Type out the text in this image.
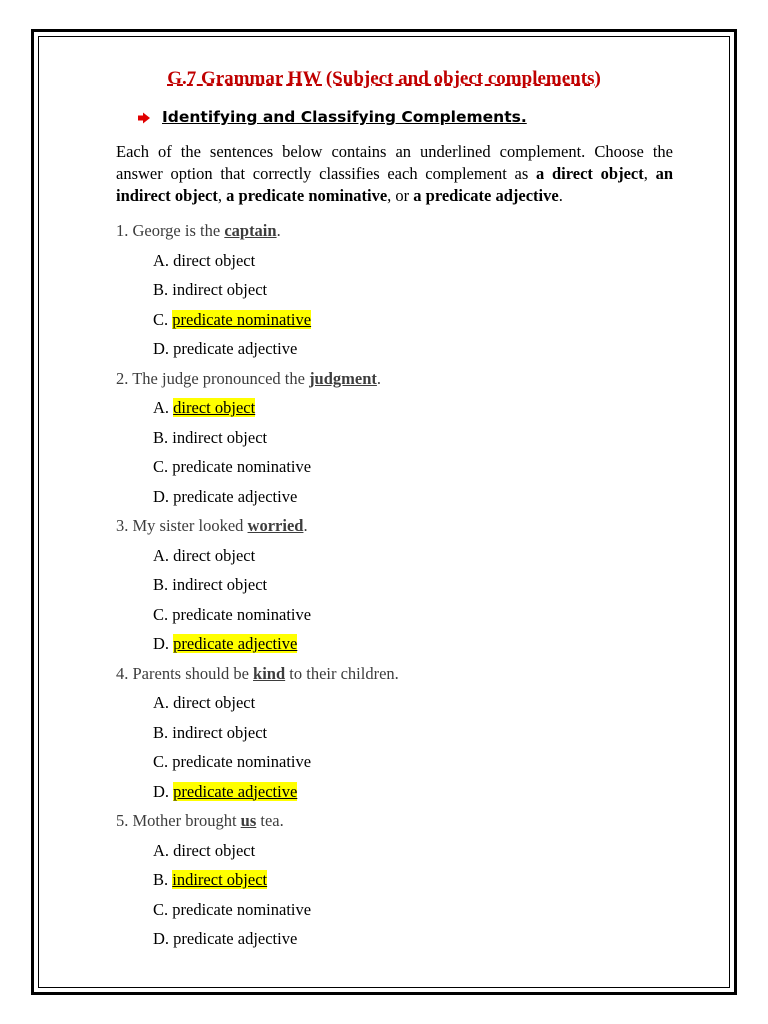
G.7 Grammar HW (Subject and object complements)
Identifying and Classifying Complements.
Each of the sentences below contains an underlined complement. Choose the answer option that correctly classifies each complement as a direct object, an indirect object, a predicate nominative, or a predicate adjective.
1. George is the captain.
A. direct object
B. indirect object
C. predicate nominative
D. predicate adjective
2. The judge pronounced the judgment.
A. direct object
B. indirect object
C. predicate nominative
D. predicate adjective
3. My sister looked worried.
A. direct object
B. indirect object
C. predicate nominative
D. predicate adjective
4. Parents should be kind to their children.
A. direct object
B. indirect object
C. predicate nominative
D. predicate adjective
5. Mother brought us tea.
A. direct object
B. indirect object
C. predicate nominative
D. predicate adjective
